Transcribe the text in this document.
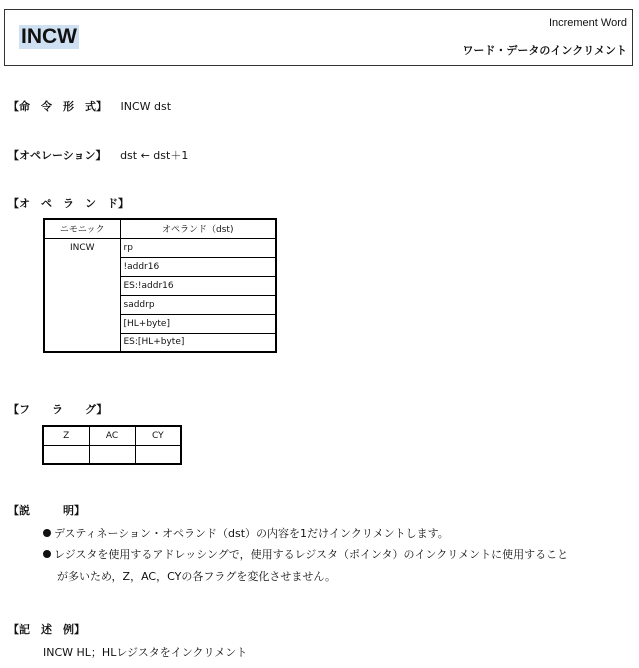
INCW
Increment Word
ワード・データのインクリメント
【命　令　形　式】 INCW dst
【オペレーション】 dst ← dst＋1
【オ　ペ　ラ　ン　ド】
ニモニック	オペランド（dst)
INCW	rp
	!addr16
	ES:!addr16
	saddrp
	[HL+byte]
	ES:[HL+byte]
【フ　　ラ　　グ】
Z	AC	CY

【説　　　明】
デスティネーション・オペランド（dst）の内容を1だけインクリメントします。
レジスタを使用するアドレッシングで，使用するレジスタ（ポインタ）のインクリメントに使用すること
が多いため，Z，AC，CYの各フラグを変化させません。
【記　述　例】
INCW HL；HLレジスタをインクリメント
